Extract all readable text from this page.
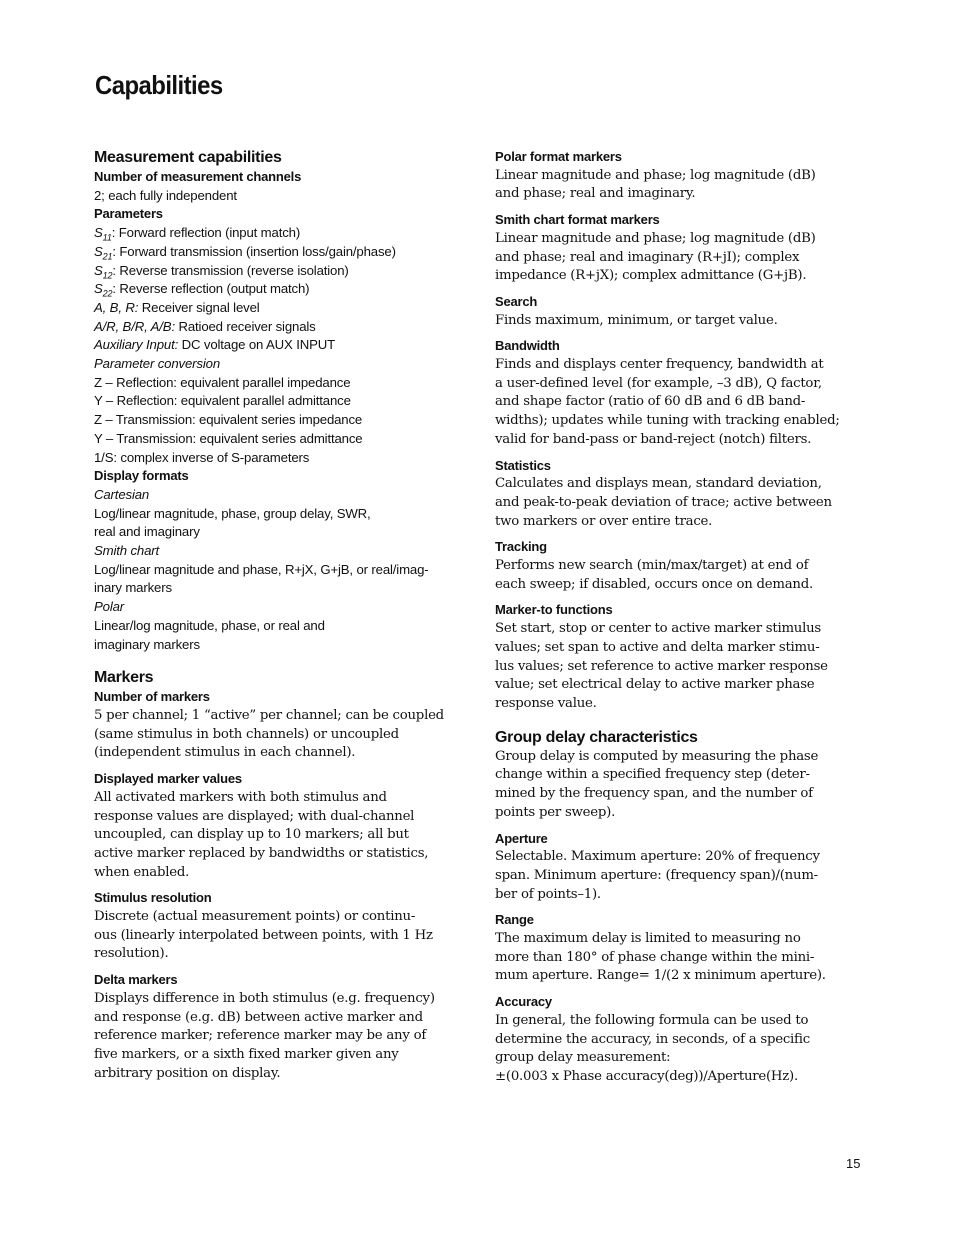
Capabilities
Measurement capabilities
Number of measurement channels
2; each fully independent
Parameters
$S_{11}$: Forward reflection (input match)
$S_{21}$: Forward transmission (insertion loss/gain/phase)
$S_{12}$: Reverse transmission (reverse isolation)
$S_{22}$: Reverse reflection (output match)
A, B, R: Receiver signal level
A/R, B/R, A/B: Ratioed receiver signals
Auxiliary Input: DC voltage on AUX INPUT
Parameter conversion
Z – Reflection: equivalent parallel impedance
Y – Reflection: equivalent parallel admittance
Z – Transmission: equivalent series impedance
Y – Transmission: equivalent series admittance
1/S: complex inverse of S-parameters
Display formats
Cartesian
Log/linear magnitude, phase, group delay, SWR,
real and imaginary
Smith chart
Log/linear magnitude and phase, R+jX, G+jB, or real/imag-
inary markers
Polar
Linear/log magnitude, phase, or real and
imaginary markers
Markers
Number of markers
5 per channel; 1 “active” per channel; can be coupled
(same stimulus in both channels) or uncoupled
(independent stimulus in each channel).
Displayed marker values
All activated markers with both stimulus and
response values are displayed; with dual-channel
uncoupled, can display up to 10 markers; all but
active marker replaced by bandwidths or statistics,
when enabled.
Stimulus resolution
Discrete (actual measurement points) or continu-
ous (linearly interpolated between points, with 1 Hz
resolution).
Delta markers
Displays difference in both stimulus (e.g. frequency)
and response (e.g. dB) between active marker and
reference marker; reference marker may be any of
five markers, or a sixth fixed marker given any
arbitrary position on display.
Polar format markers
Linear magnitude and phase; log magnitude (dB)
and phase; real and imaginary.
Smith chart format markers
Linear magnitude and phase; log magnitude (dB)
and phase; real and imaginary (R+jI); complex
impedance (R+jX); complex admittance (G+jB).
Search
Finds maximum, minimum, or target value.
Bandwidth
Finds and displays center frequency, bandwidth at
a user-defined level (for example, –3 dB), Q factor,
and shape factor (ratio of 60 dB and 6 dB band-
widths); updates while tuning with tracking enabled;
valid for band-pass or band-reject (notch) filters.
Statistics
Calculates and displays mean, standard deviation,
and peak-to-peak deviation of trace; active between
two markers or over entire trace.
Tracking
Performs new search (min/max/target) at end of
each sweep; if disabled, occurs once on demand.
Marker-to functions
Set start, stop or center to active marker stimulus
values; set span to active and delta marker stimu-
lus values; set reference to active marker response
value; set electrical delay to active marker phase
response value.
Group delay characteristics
Group delay is computed by measuring the phase
change within a specified frequency step (deter-
mined by the frequency span, and the number of
points per sweep).
Aperture
Selectable. Maximum aperture: 20% of frequency
span. Minimum aperture: (frequency span)/(num-
ber of points–1).
Range
The maximum delay is limited to measuring no
more than 180° of phase change within the mini-
mum aperture. Range= 1/(2 x minimum aperture).
Accuracy
In general, the following formula can be used to
determine the accuracy, in seconds, of a specific
group delay measurement:
±(0.003 x Phase accuracy(deg))/Aperture(Hz).
15
